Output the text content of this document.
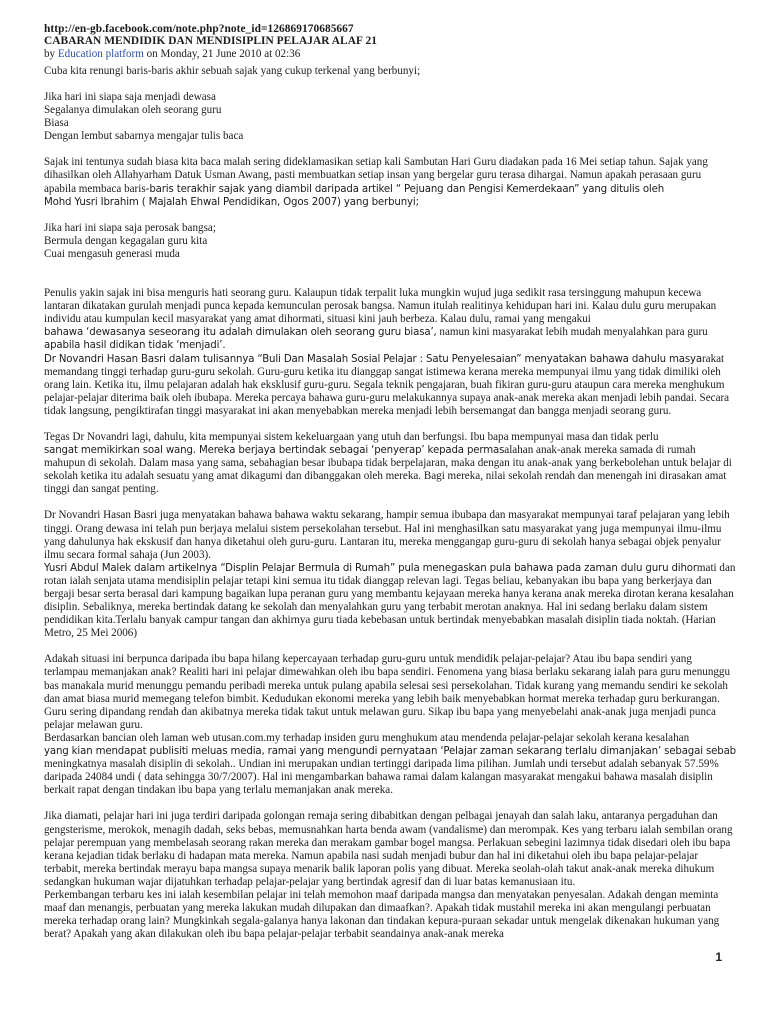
http://en-gb.facebook.com/note.php?note_id=126869170685667
CABARAN MENDIDIK DAN MENDISIPLIN PELAJAR ALAF 21
by Education platform on Monday, 21 June 2010 at 02:36

Cuba kita renungi baris-baris akhir sebuah sajak yang cukup terkenal yang berbunyi;

Jika hari ini siapa saja menjadi dewasa
Segalanya dimulakan oleh seorang guru
Biasa
Dengan lembut sabarnya mengajar tulis baca

Sajak ini tentunya sudah biasa kita baca malah sering dideklamasikan setiap kali Sambutan Hari Guru diadakan pada 16 Mei setiap tahun. Sajak yang dihasilkan oleh Allahyarham Datuk Usman Awang, pasti membuatkan setiap insan yang bergelar guru terasa dihargai. Namun apakah perasaan guru apabila membaca baris-baris terakhir sajak yang diambil daripada artikel “ Pejuang dan Pengisi Kemerdekaan” yang ditulis oleh
Mohd Yusri Ibrahim ( Majalah Ehwal Pendidikan, Ogos 2007) yang berbunyi;

Jika hari ini siapa saja perosak bangsa;
Bermula dengan kegagalan guru kita
Cuai mengasuh generasi muda

Penulis yakin sajak ini bisa menguris hati seorang guru. Kalaupun tidak terpalit luka mungkin wujud juga sedikit rasa tersinggung mahupun kecewa lantaran dikatakan gurulah menjadi punca kepada kemunculan perosak bangsa. Namun itulah realitinya kehidupan hari ini. Kalau dulu guru merupakan individu atau kumpulan kecil masyarakat yang amat dihormati, situasi kini jauh berbeza. Kalau dulu, ramai yang mengakui
bahawa ‘dewasanya seseorang itu adalah dimulakan oleh seorang guru biasa’, namun kini masyarakat lebih mudah menyalahkan para guru
apabila hasil didikan tidak ‘menjadi’.

Dr Novandri Hasan Basri dalam tulisannya “Buli Dan Masalah Sosial Pelajar : Satu Penyelesaian” menyatakan bahawa dahulu masyarakat memandang tinggi terhadap guru-guru sekolah. Guru-guru ketika itu dianggap sangat istimewa kerana mereka mempunyai ilmu yang tidak dimiliki oleh orang lain. Ketika itu, ilmu pelajaran adalah hak eksklusif guru-guru. Segala teknik pengajaran, buah fikiran guru-guru ataupun cara mereka menghukum pelajar-pelajar diterima baik oleh ibubapa. Mereka percaya bahawa guru-guru melakukannya supaya anak-anak mereka akan menjadi lebih pandai. Secara tidak langsung, pengiktirafan tinggi masyarakat ini akan menyebabkan mereka menjadi lebih bersemangat dan bangga menjadi seorang guru.

Tegas Dr Novandri lagi, dahulu, kita mempunyai sistem kekeluargaan yang utuh dan berfungsi. Ibu bapa mempunyai masa dan tidak perlu
sangat memikirkan soal wang. Mereka berjaya bertindak sebagai ‘penyerap’ kepada permasalahan anak-anak mereka samada di rumah mahupun di sekolah. Dalam masa yang sama, sebahagian besar ibubapa tidak berpelajaran, maka dengan itu anak-anak yang berkebolehan untuk belajar di sekolah ketika itu adalah sesuatu yang amat dikagumi dan dibanggakan oleh mereka. Bagi mereka, nilai sekolah rendah dan menengah ini dirasakan amat tinggi dan sangat penting.

Dr Novandri Hasan Basri juga menyatakan bahawa bahawa waktu sekarang, hampir semua ibubapa dan masyarakat mempunyai taraf pelajaran yang lebih tinggi. Orang dewasa ini telah pun berjaya melalui sistem persekolahan tersebut. Hal ini menghasilkan satu masyarakat yang juga mempunyai ilmu-ilmu yang dahulunya hak ekskusif dan hanya diketahui oleh guru-guru. Lantaran itu, mereka menggangap guru-guru di sekolah hanya sebagai objek penyalur ilmu secara formal sahaja (Jun 2003).
Yusri Abdul Malek dalam artikelnya “Displin Pelajar Bermula di Rumah” pula menegaskan pula bahawa pada zaman dulu guru dihormati dan rotan ialah senjata utama mendisiplin pelajar tetapi kini semua itu tidak dianggap relevan lagi. Tegas beliau, kebanyakan ibu bapa yang berkerjaya dan bergaji besar serta berasal dari kampung bagaikan lupa peranan guru yang membantu kejayaan mereka hanya kerana anak mereka dirotan kerana kesalahan disiplin. Sebaliknya, mereka bertindak datang ke sekolah dan menyalahkan guru yang terbabit merotan anaknya. Hal ini sedang berlaku dalam sistem pendidikan kita.Terlalu banyak campur tangan dan akhirnya guru tiada kebebasan untuk bertindak menyebabkan masalah disiplin tiada noktah. (Harian Metro, 25 Mei 2006)

Adakah situasi ini berpunca daripada ibu bapa hilang kepercayaan terhadap guru-guru untuk mendidik pelajar-pelajar? Atau ibu bapa sendiri yang terlampau memanjakan anak? Realiti hari ini pelajar dimewahkan oleh ibu bapa sendiri. Fenomena yang biasa berlaku sekarang ialah para guru menunggu bas manakala murid menunggu pemandu peribadi mereka untuk pulang apabila selesai sesi persekolahan. Tidak kurang yang memandu sendiri ke sekolah dan amat biasa murid memegang telefon bimbit. Kedudukan ekonomi mereka yang lebih baik menyebabkan hormat mereka terhadap guru berkurangan. Guru sering dipandang rendah dan akibatnya mereka tidak takut untuk melawan guru. Sikap ibu bapa yang menyebelahi anak-anak juga menjadi punca pelajar melawan guru.
Berdasarkan bancian oleh laman web utusan.com.my terhadap insiden guru menghukum atau mendenda pelajar-pelajar sekolah kerana kesalahan
yang kian mendapat publisiti meluas media, ramai yang mengundi pernyataan ‘Pelajar zaman sekarang terlalu dimanjakan’ sebagai sebab
meningkatnya masalah disiplin di sekolah.. Undian ini merupakan undian tertinggi daripada lima pilihan. Jumlah undi tersebut adalah sebanyak 57.59% daripada 24084 undi ( data sehingga 30/7/2007). Hal ini mengambarkan bahawa ramai dalam kalangan masyarakat mengakui bahawa masalah disiplin berkait rapat dengan tindakan ibu bapa yang terlalu memanjakan anak mereka.

Jika diamati, pelajar hari ini juga terdiri daripada golongan remaja sering dibabitkan dengan pelbagai jenayah dan salah laku, antaranya pergaduhan dan gengsterisme, merokok, menagih dadah, seks bebas, memusnahkan harta benda awam (vandalisme) dan merompak. Kes yang terbaru ialah sembilan orang pelajar perempuan yang membelasah seorang rakan mereka dan merakam gambar bogel mangsa. Perlakuan sebegini lazimnya tidak disedari oleh ibu bapa kerana kejadian tidak berlaku di hadapan mata mereka. Namun apabila nasi sudah menjadi bubur dan hal ini diketahui oleh ibu bapa pelajar-pelajar terbabit, mereka bertindak merayu bapa mangsa supaya menarik balik laporan polis yang dibuat. Mereka seolah-olah takut anak-anak mereka dihukum sedangkan hukuman wajar dijatuhkan terhadap pelajar-pelajar yang bertindak agresif dan di luar batas kemanusiaan itu.
Perkembangan terbaru kes ini ialah kesembilan pelajar ini telah memohon maaf daripada mangsa dan menyatakan penyesalan. Adakah dengan meminta maaf dan menangis, perbuatan yang mereka lakukan mudah dilupakan dan dimaafkan?. Apakah tidak mustahil mereka ini akan mengulangi perbuatan mereka terhadap orang lain? Mungkinkah segala-galanya hanya lakonan dan tindakan kepura-puraan sekadar untuk mengelak dikenakan hukuman yang berat? Apakah yang akan dilakukan oleh ibu bapa pelajar-pelajar terbabit seandainya anak-anak mereka

1
